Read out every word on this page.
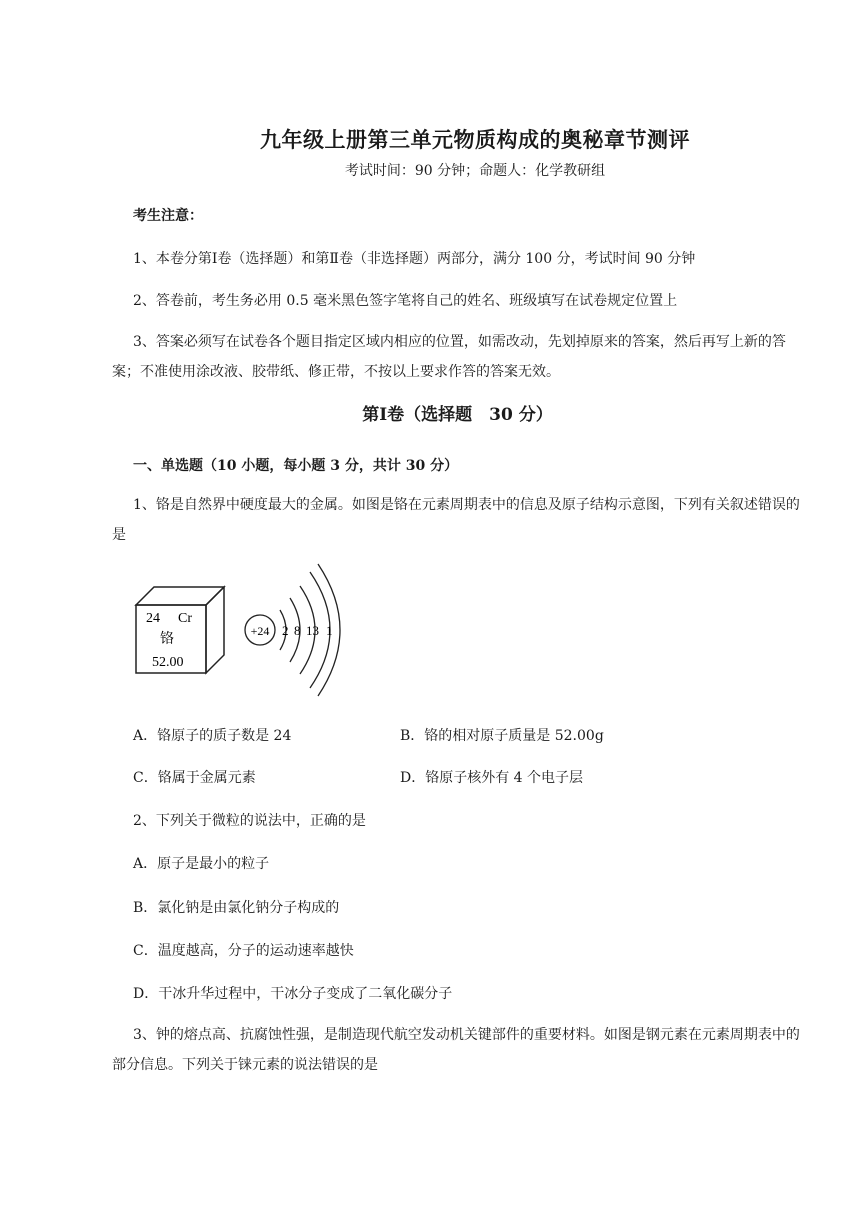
九年级上册第三单元物质构成的奥秘章节测评
考试时间：90 分钟；命题人：化学教研组
考生注意：
1、本卷分第Ⅰ卷（选择题）和第Ⅱ卷（非选择题）两部分，满分 100 分，考试时间 90 分钟
2、答卷前，考生务必用 0.5 毫米黑色签字笔将自己的姓名、班级填写在试卷规定位置上
3、答案必须写在试卷各个题目指定区域内相应的位置，如需改动，先划掉原来的答案，然后再写上新的答案；不准使用涂改液、胶带纸、修正带，不按以上要求作答的答案无效。
第Ⅰ卷（选择题　30 分）
一、单选题（10 小题，每小题 3 分，共计 30 分）
1、铬是自然界中硬度最大的金属。如图是铬在元素周期表中的信息及原子结构示意图，下列有关叙述错误的是
24 Cr
铬
52.00
+24 2 8 13 1
A．铬原子的质子数是 24	B．铬的相对原子质量是 52.00g
C．铬属于金属元素	D．铬原子核外有 4 个电子层
2、下列关于微粒的说法中，正确的是
A．原子是最小的粒子
B．氯化钠是由氯化钠分子构成的
C．温度越高，分子的运动速率越快
D．干冰升华过程中，干冰分子变成了二氧化碳分子
3、钟的熔点高、抗腐蚀性强，是制造现代航空发动机关键部件的重要材料。如图是钢元素在元素周期表中的部分信息。下列关于铼元素的说法错误的是
